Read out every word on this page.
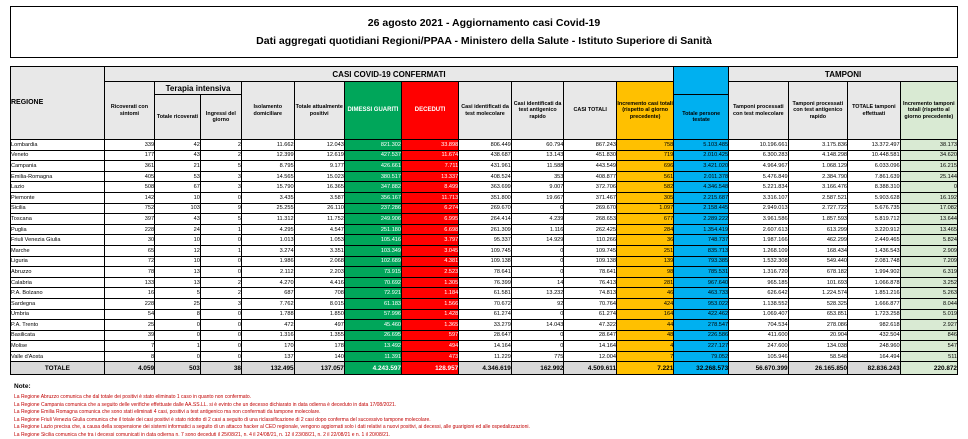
26 agosto 2021 - Aggiornamento casi Covid-19
Dati aggregati quotidiani Regioni/PPAA - Ministero della Salute - Istituto Superiore di Sanità
REGIONE	CASI COVID-19 CONFERMATI												TAMPONI			
	Ricoverati con sintomi	Terapia intensiva		Isolamento domiciliare	Totale attualmente positivi	DIMESSI GUARITI	DECEDUTI	Casi identificati da test molecolare	Casi identificati da test antigenico rapido	CASI TOTALI	Incremento casi totali (rispetto al giorno precedente)		Tamponi processati con test molecolare	Tamponi processati con test antigenico rapido	TOTALE tamponi effettuati	Incremento tamponi totali (rispetto al giorno precedente)
		Totale ricoverati	Ingressi del giorno									Totale persone testate				
Lombardia	339	42	2	11.662	12.043	821.302	33.898	806.449	60.794	867.243	758	5.103.485	10.196.661	3.175.836	13.372.497	38.173
Veneto	177	43	2	12.399	12.619	427.537	11.674	438.687	13.143	451.830	719	2.010.425	6.300.283	4.148.298	10.448.581	34.620
Campania	361	21	5	8.795	9.177	426.661	7.711	431.961	11.588	443.549	696	3.421.020	4.964.967	1.068.129	6.033.096	16.215
Emilia-Romagna	405	53	3	14.565	15.023	380.517	13.337	408.524	353	408.877	561	2.011.378	5.476.849	2.384.790	7.861.639	25.144
Lazio	508	67	3	15.790	16.365	347.882	8.499	363.699	9.007	372.706	582	4.346.548	5.221.834	3.166.476	8.388.310	0
Piemonte	142	10	0	3.435	3.587	356.167	11.713	351.800	19.667	371.467	305	2.215.687	3.316.107	2.587.521	5.903.628	16.192
Sicilia	752	103	9	25.255	26.110	237.286	6.274	269.670	0	269.670	1.097	2.158.445	2.949.013	2.727.722	5.676.735	17.082
Toscana	397	43	5	11.312	11.752	249.906	6.995	264.414	4.239	268.653	677	2.289.222	3.961.586	1.857.593	5.819.712	13.644
Puglia	228	24	1	4.295	4.547	251.180	6.698	261.309	1.116	262.425	284	1.354.419	2.607.613	613.299	3.220.912	13.465
Friuli Venezia Giulia	30	10	0	1.013	1.053	105.416	3.797	95.337	14.929	110.266	36	748.737	1.987.166	462.299	2.449.465	5.824
Marche	65	12	1	3.274	3.351	103.349	3.045	109.745	0	109.745	251	835.713	1.268.109	168.434	1.436.543	2.909
Liguria	72	10	0	1.986	2.068	102.689	4.381	109.138	0	109.138	139	793.385	1.532.308	549.440	2.081.748	7.209
Abruzzo	78	13	0	2.112	2.203	73.915	2.523	78.641	0	78.641	98	785.531	1.316.720	678.182	1.994.902	6.319
Calabria	133	13	2	4.270	4.416	70.692	1.305	76.399	14	76.413	281	967.640	965.185	101.693	1.066.878	3.252
P.A. Bolzano	16	5	2	687	708	72.921	1.184	61.581	13.232	74.813	46	463.733	626.642	1.224.574	1.851.216	5.263
Sardegna	228	25	3	7.762	8.015	61.183	1.566	70.672	92	70.764	424	953.022	1.138.552	528.325	1.666.877	8.044
Umbria	54	8	0	1.788	1.850	57.996	1.428	61.274	0	61.274	164	422.462	1.069.407	653.851	1.723.258	5.019
P.A. Trento	25	0	0	472	497	45.460	1.365	33.279	14.043	47.322	44	278.547	704.534	278.086	982.618	2.927
Basilicata	39	0	0	1.316	1.355	26.695	597	28.647	0	28.647	48	226.586	411.600	20.904	432.504	846
Molise	7	1	0	170	178	13.492	494	14.164	0	14.164	4	227.127	247.600	134.038	248.960	547
Valle d'Aosta	8	0	0	137	140	11.391	473	11.229	775	12.004	7	79.052	105.946	58.548	164.494	511
TOTALE	4.059	503	38	132.495	137.057	4.243.597	128.957	4.346.619	162.992	4.509.611	7.221	32.268.573	56.670.399	26.165.850	82.836.243	220.872
Note:
La Regione Abruzzo comunica che dal totale dei positivi è stato eliminato 1 caso in quanto non confermato.
La Regione Campania comunica che a seguito delle verifiche effettuate dalle AA.SS.LL. si è evinto che un decesso dichiarato in data odierna è deceduto in data 17/08/2021.
La Regione Emilia Romagna comunica che sono stati eliminati 4 casi, positivi a test antigenico ma non confermati da tampone molecolare.
La Regione Friuli Venezia Giulia comunica che il totale dei casi positivi è stato ridotto di 2 casi a seguito di una riclassificazione di 2 casi dopo conferma del successivo tampone molecolare.
La Regione Lazio precisa che, a causa della sospensione dei sistemi informatici a seguito di un attacco hacker al CED regionale, vengono aggiornati solo i dati relativi a nuovi positivi, ai decessi, alle guarigioni ed alle ospedalizzazioni.
La Regione Sicilia comunica che tra i decessi comunicati in data odierna n. 7 sono deceduti il 25/08/21, n. 4 il 24/08/21, n. 12 il 23/08/21, n. 2 il 22/08/21 e n. 1 il 20/08/21.
